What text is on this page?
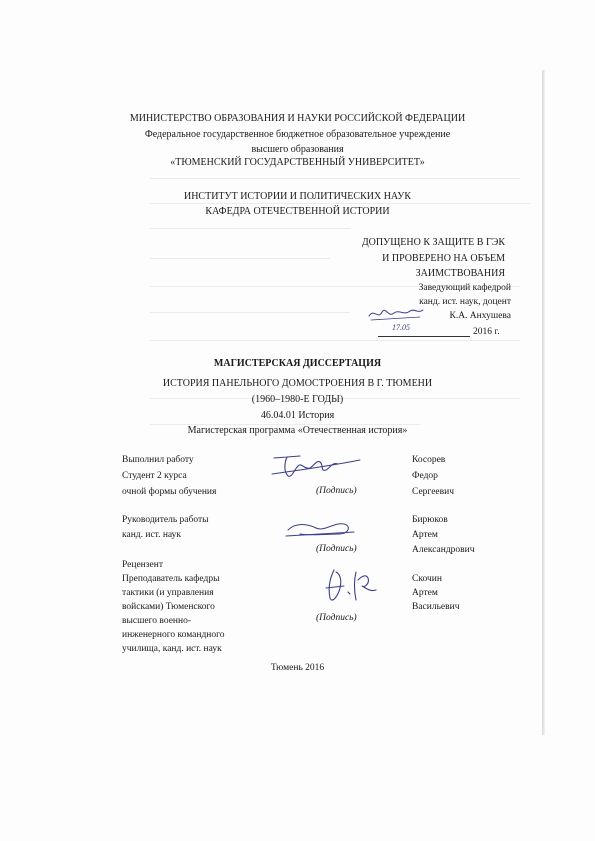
МИНИСТЕРСТВО ОБРАЗОВАНИЯ И НАУКИ РОССИЙСКОЙ ФЕДЕРАЦИИ
Федеральное государственное бюджетное образовательное учреждение
высшего образования
«ТЮМЕНСКИЙ ГОСУДАРСТВЕННЫЙ УНИВЕРСИТЕТ»
ИНСТИТУТ ИСТОРИИ И ПОЛИТИЧЕСКИХ НАУК
КАФЕДРА ОТЕЧЕСТВЕННОЙ ИСТОРИИ
ДОПУЩЕНО К ЗАЩИТЕ В ГЭК
И ПРОВЕРЕНО НА ОБЪЕМ
ЗАИМСТВОВАНИЯ
Заведующий кафедрой
канд. ист. наук, доцент
К.А. Анхушева
17.05	2016 г.
МАГИСТЕРСКАЯ ДИССЕРТАЦИЯ
ИСТОРИЯ ПАНЕЛЬНОГО ДОМОСТРОЕНИЯ В Г. ТЮМЕНИ
(1960–1980-Е ГОДЫ)
46.04.01 История
Магистерская программа «Отечественная история»
Выполнил работу
Студент 2 курса
очной формы обучения	(Подпись)
Косорев
Федор
Сергеевич
Руководитель работы
канд. ист. наук
(Подпись)
Бирюков
Артем
Александрович
Рецензент
Преподаватель кафедры
тактики (и управления
войсками) Тюменского
высшего военно-
инженерного командного
училища, канд. ист. наук
(Подпись)
Скочин
Артем
Васильевич
Тюмень 2016
